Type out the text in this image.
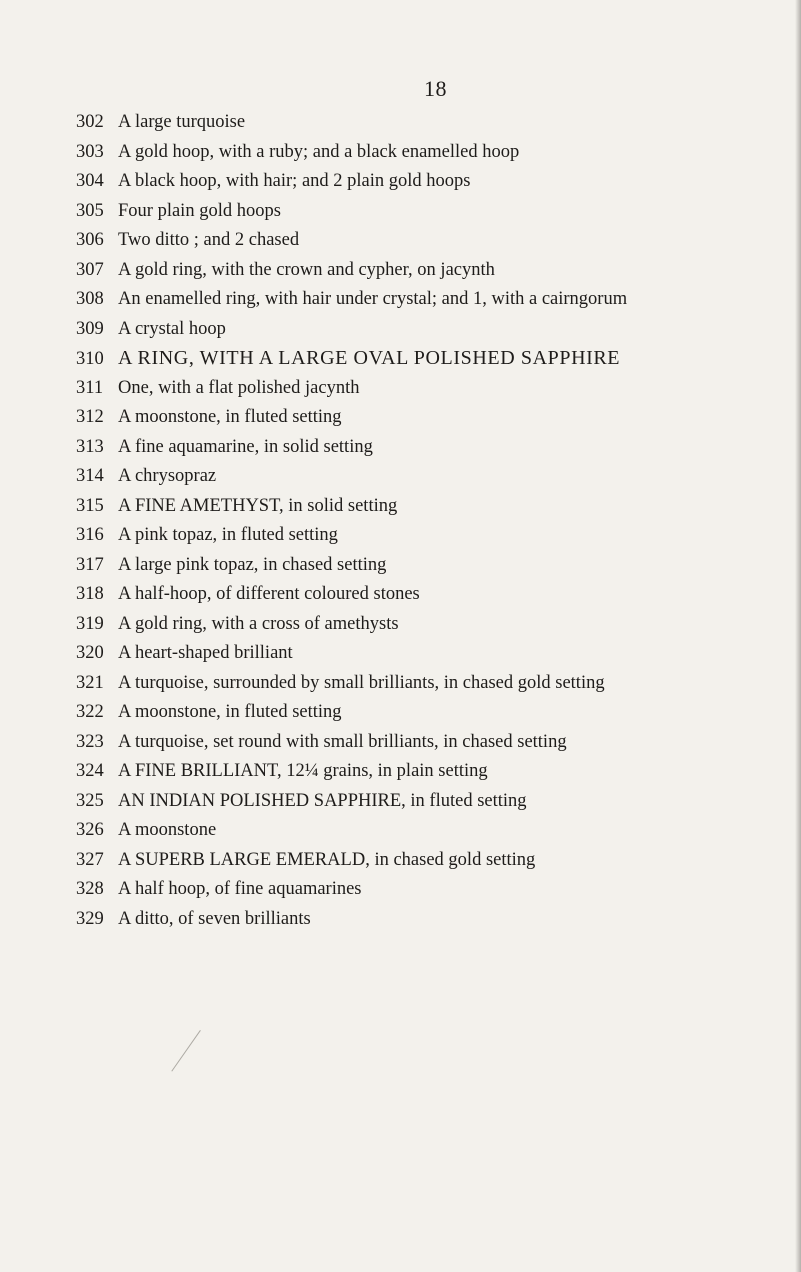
18
302 A large turquoise
303 A gold hoop, with a ruby; and a black enamelled hoop
304 A black hoop, with hair; and 2 plain gold hoops
305 Four plain gold hoops
306 Two ditto ; and 2 chased
307 A gold ring, with the crown and cypher, on jacynth
308 An enamelled ring, with hair under crystal; and 1, with a cairngorum
309 A crystal hoop
310 A RING, WITH A LARGE OVAL POLISHED SAPPHIRE
311 One, with a flat polished jacynth
312 A moonstone, in fluted setting
313 A fine aquamarine, in solid setting
314 A chrysopraz
315 A FINE AMETHYST, in solid setting
316 A pink topaz, in fluted setting
317 A large pink topaz, in chased setting
318 A half-hoop, of different coloured stones
319 A gold ring, with a cross of amethysts
320 A heart-shaped brilliant
321 A turquoise, surrounded by small brilliants, in chased gold setting
322 A moonstone, in fluted setting
323 A turquoise, set round with small brilliants, in chased setting
324 A FINE BRILLIANT, 12¼ grains, in plain setting
325 AN INDIAN POLISHED SAPPHIRE, in fluted setting
326 A moonstone
327 A SUPERB LARGE EMERALD, in chased gold setting
328 A half hoop, of fine aquamarines
329 A ditto, of seven brilliants
